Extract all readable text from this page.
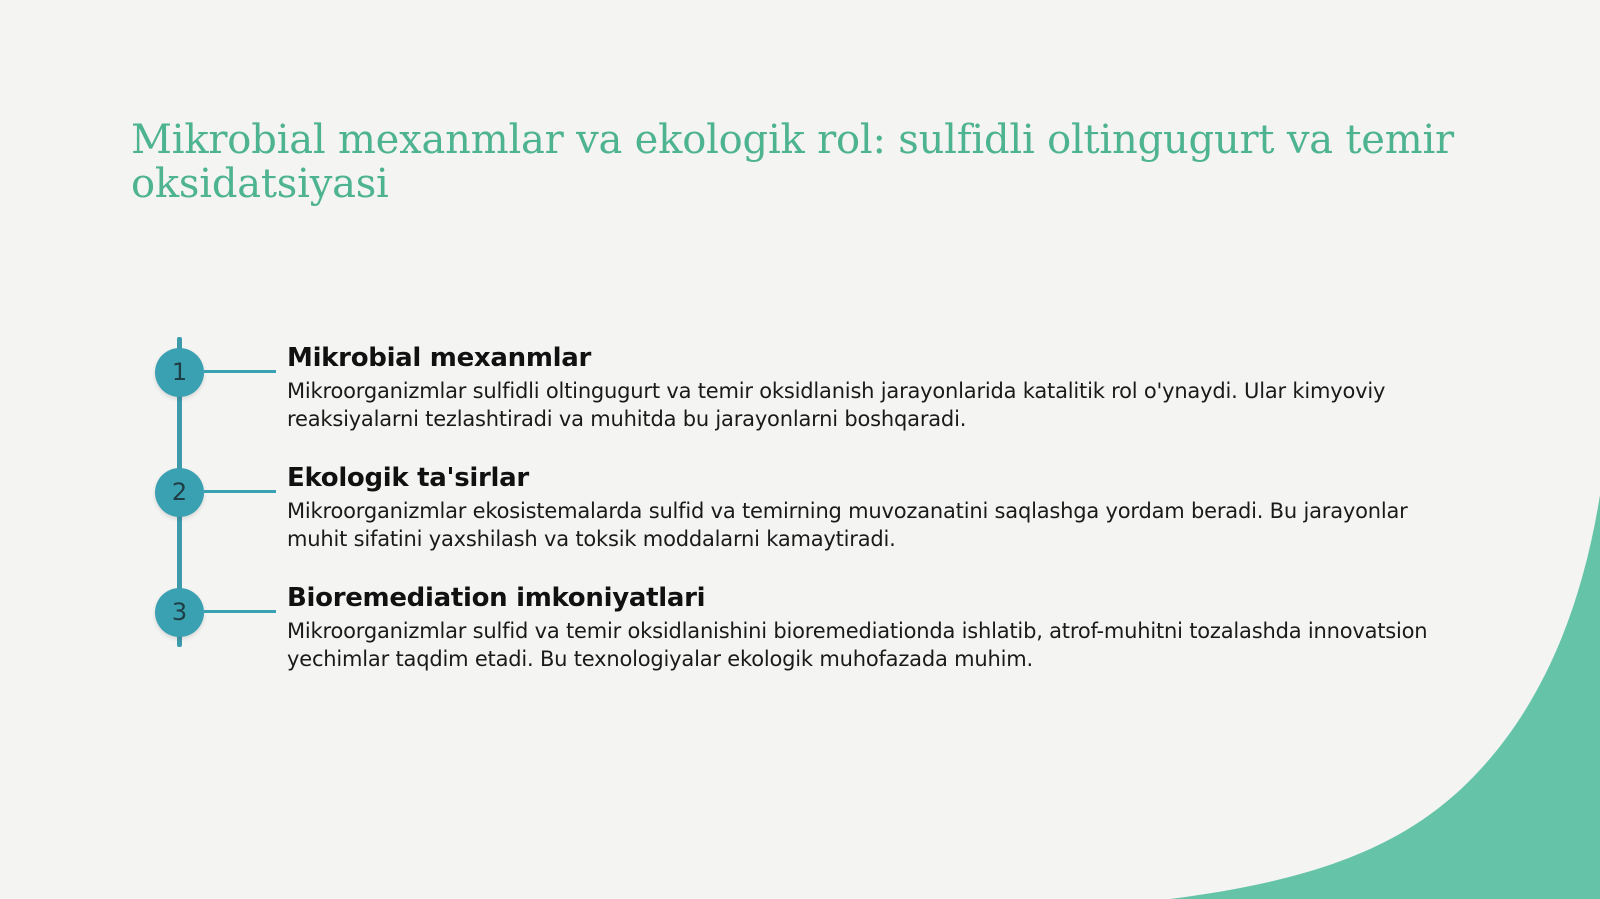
Mikrobial mexanmlar va ekologik rol: sulfidli oltingugurt va temir oksidatsiyasi
1	Mikrobial mexanmlar

Mikroorganizmlar sulfidli oltingugurt va temir oksidlanish jarayonlarida katalitik rol o'ynaydi. Ular kimyoviy reaksiyalarni tezlashtiradi va muhitda bu jarayonlarni boshqaradi.

2	Ekologik ta'sirlar

Mikroorganizmlar ekosistemalarda sulfid va temirning muvozanatini saqlashga yordam beradi. Bu jarayonlar muhit sifatini yaxshilash va toksik moddalarni kamaytiradi.

3	Bioremediation imkoniyatlari

Mikroorganizmlar sulfid va temir oksidlanishini bioremediationda ishlatib, atrof-muhitni tozalashda innovatsion yechimlar taqdim etadi. Bu texnologiyalar ekologik muhofazada muhim.
